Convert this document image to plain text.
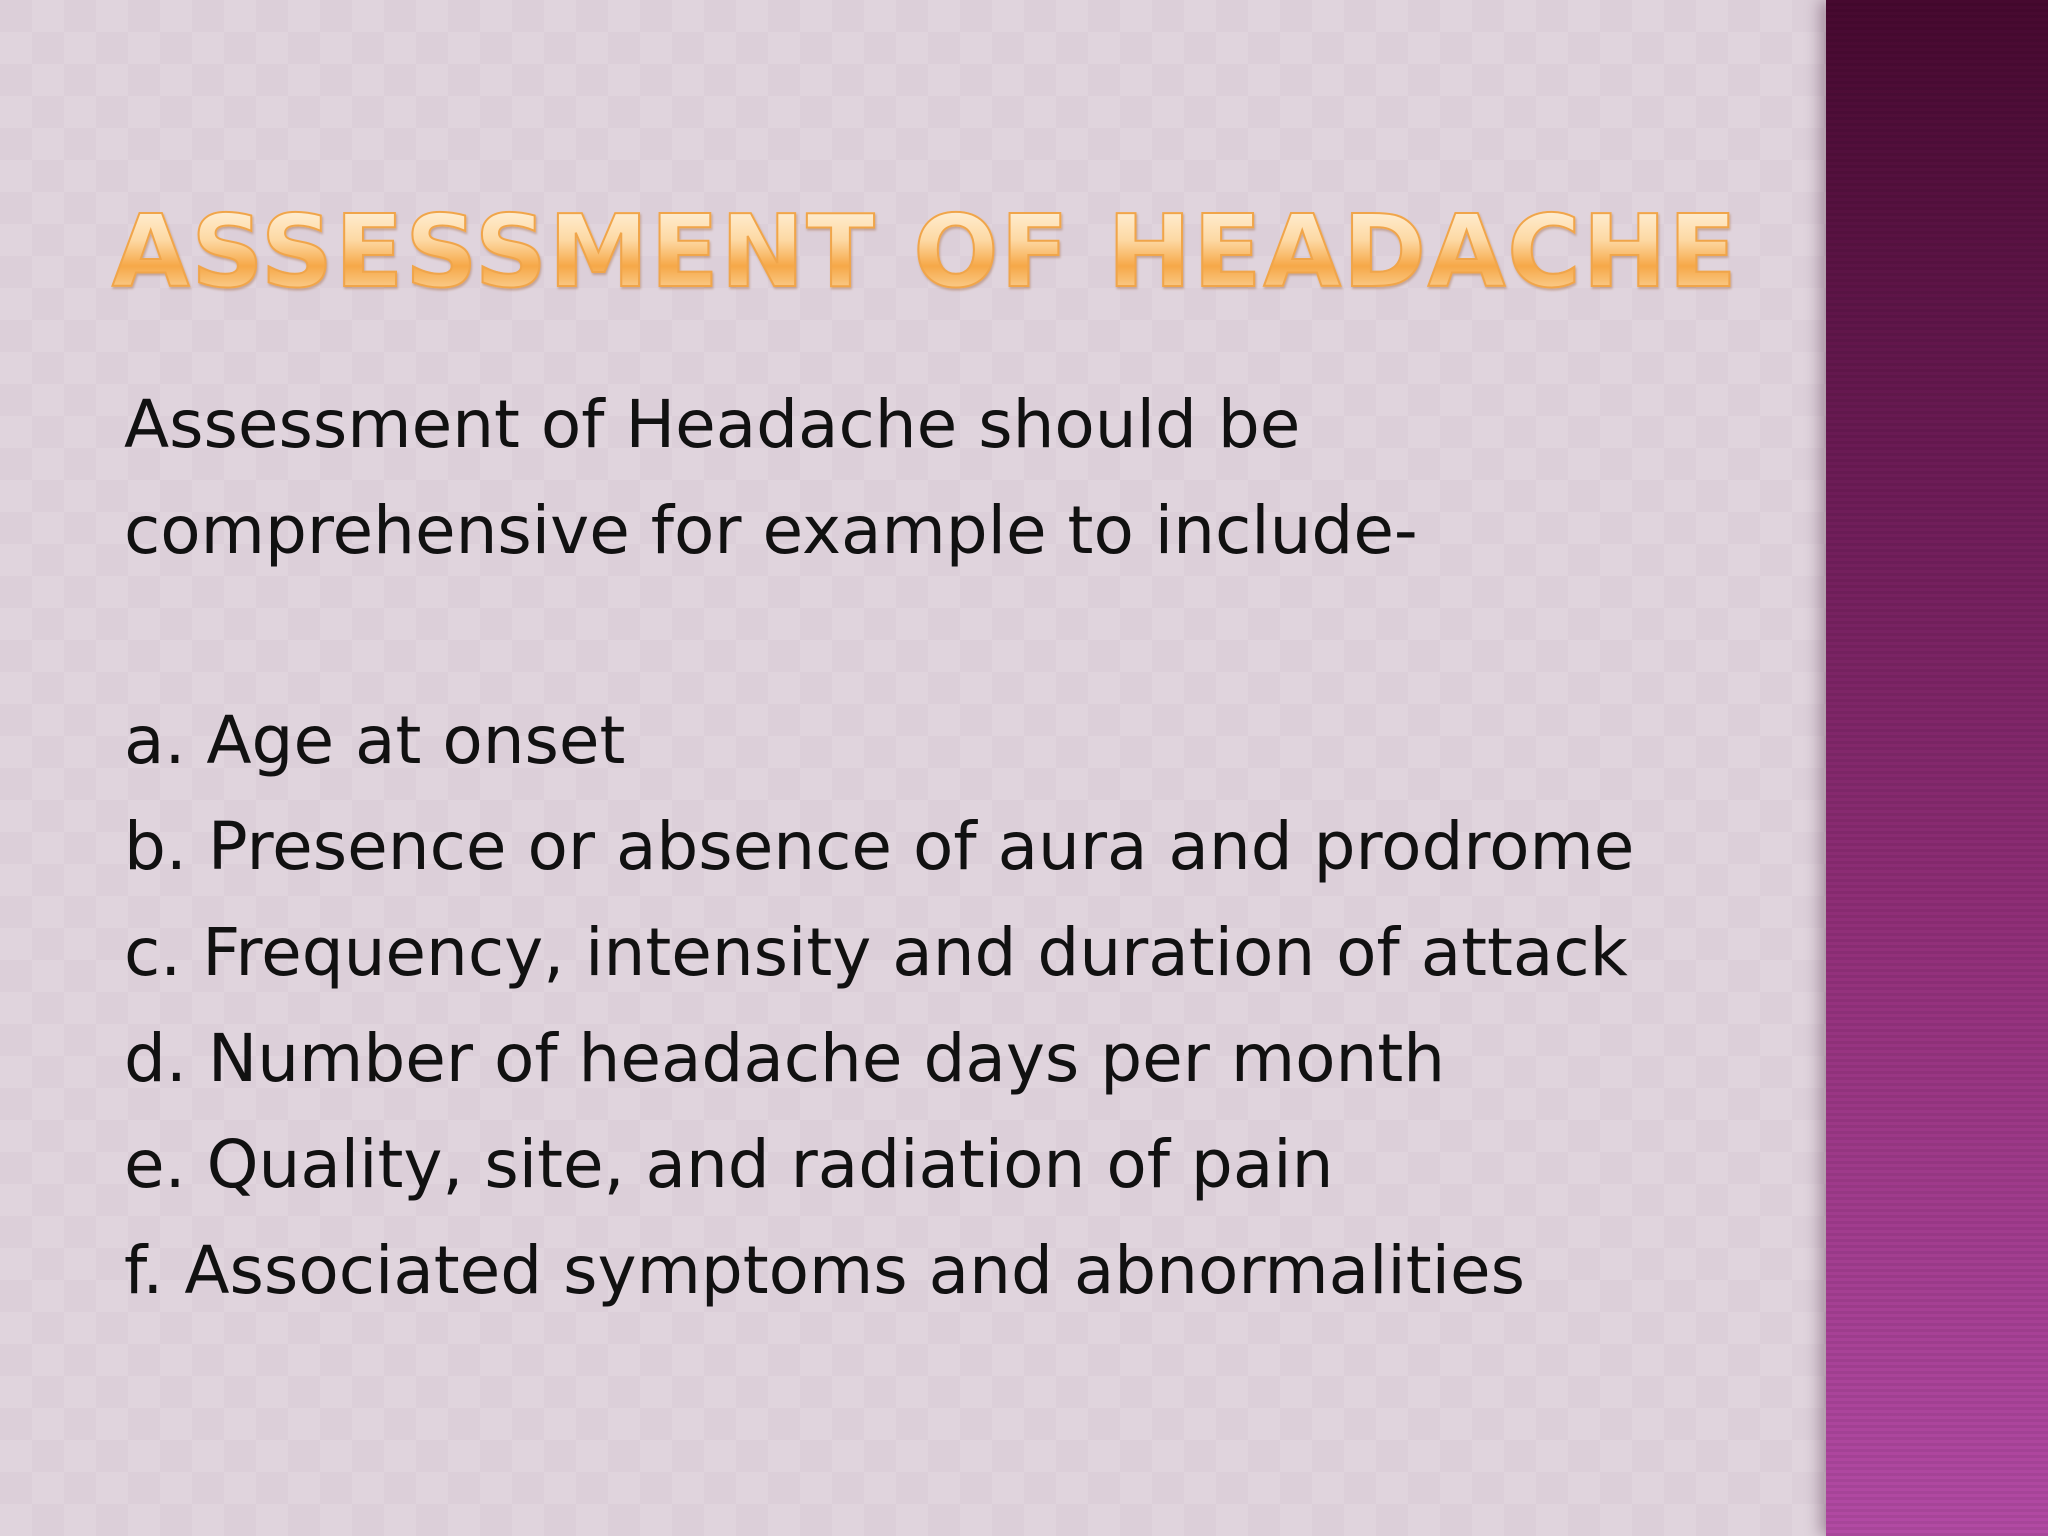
ASSESSMENT OF HEADACHE

Assessment of Headache should be

comprehensive for example to include-

a. Age at onset
b. Presence or absence of aura and prodrome
c. Frequency, intensity and duration of attack
d. Number of headache days per month
e. Quality, site, and radiation of pain
f. Associated symptoms and abnormalities
